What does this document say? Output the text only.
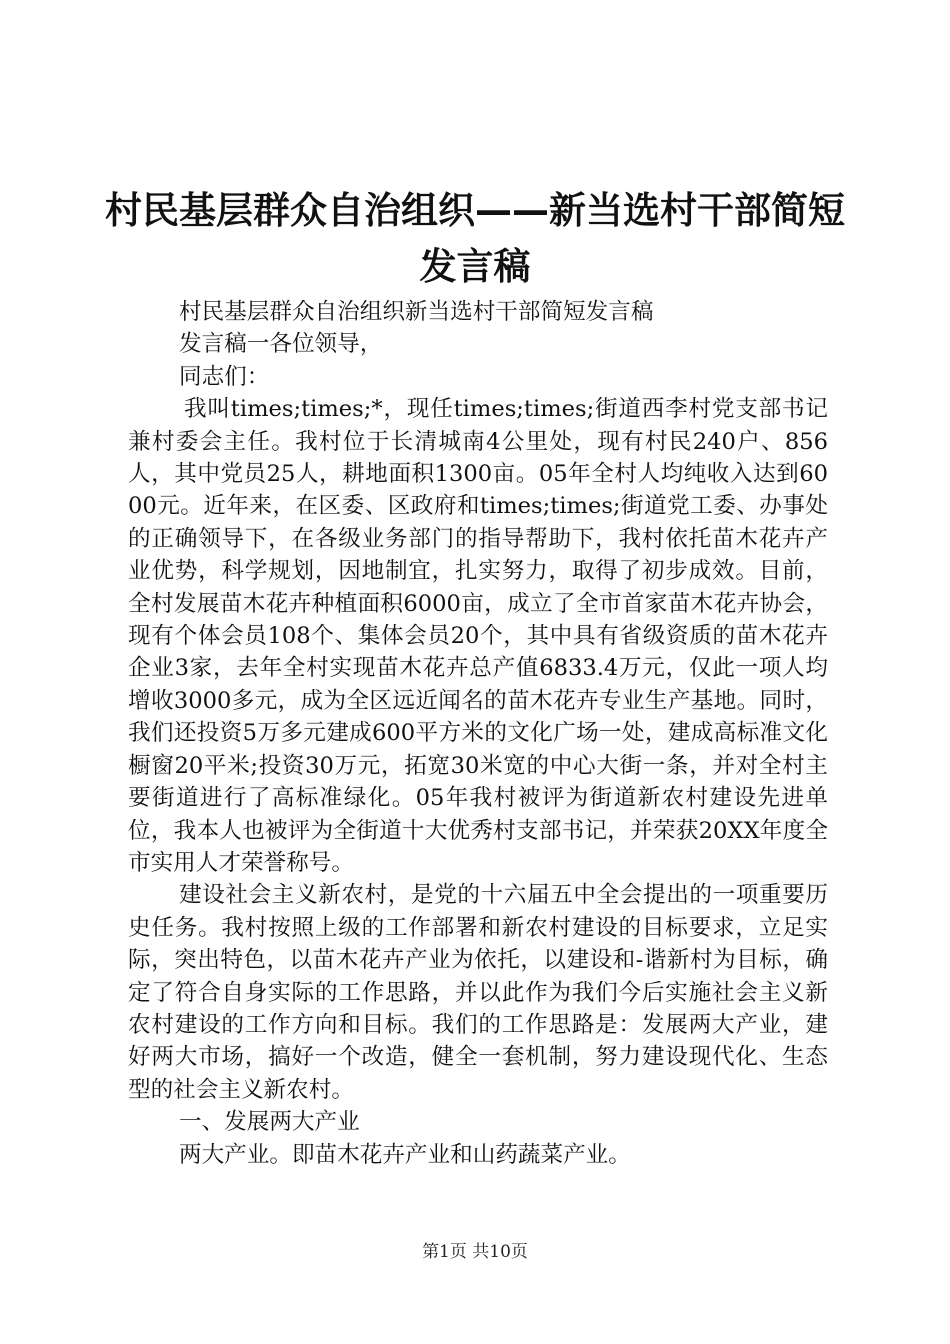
村民基层群众自治组织——新当选村干部简短
发言稿

村民基层群众自治组织新当选村干部简短发言稿

发言稿一各位领导，

同志们：

我叫times;times;*，现任times;times;街道西李村党支部书记兼村委会主任。我村位于长清城南4公里处，现有村民240户、856人，其中党员25人，耕地面积1300亩。05年全村人均纯收入达到6000元。近年来，在区委、区政府和times;times;街道党工委、办事处的正确领导下，在各级业务部门的指导帮助下，我村依托苗木花卉产业优势，科学规划，因地制宜，扎实努力，取得了初步成效。目前，全村发展苗木花卉种植面积6000亩，成立了全市首家苗木花卉协会，现有个体会员108个、集体会员20个，其中具有省级资质的苗木花卉企业3家，去年全村实现苗木花卉总产值6833.4万元，仅此一项人均增收3000多元，成为全区远近闻名的苗木花卉专业生产基地。同时，我们还投资5万多元建成600平方米的文化广场一处，建成高标准文化橱窗20平米;投资30万元，拓宽30米宽的中心大街一条，并对全村主要街道进行了高标准绿化。05年我村被评为街道新农村建设先进单位，我本人也被评为全街道十大优秀村支部书记，并荣获20XX年度全市实用人才荣誉称号。

建设社会主义新农村，是党的十六届五中全会提出的一项重要历史任务。我村按照上级的工作部署和新农村建设的目标要求，立足实际，突出特色，以苗木花卉产业为依托，以建设和-谐新村为目标，确定了符合自身实际的工作思路，并以此作为我们今后实施社会主义新农村建设的工作方向和目标。我们的工作思路是：发展两大产业，建好两大市场，搞好一个改造，健全一套机制，努力建设现代化、生态型的社会主义新农村。

一、发展两大产业

两大产业。即苗木花卉产业和山药蔬菜产业。

第1页 共10页
